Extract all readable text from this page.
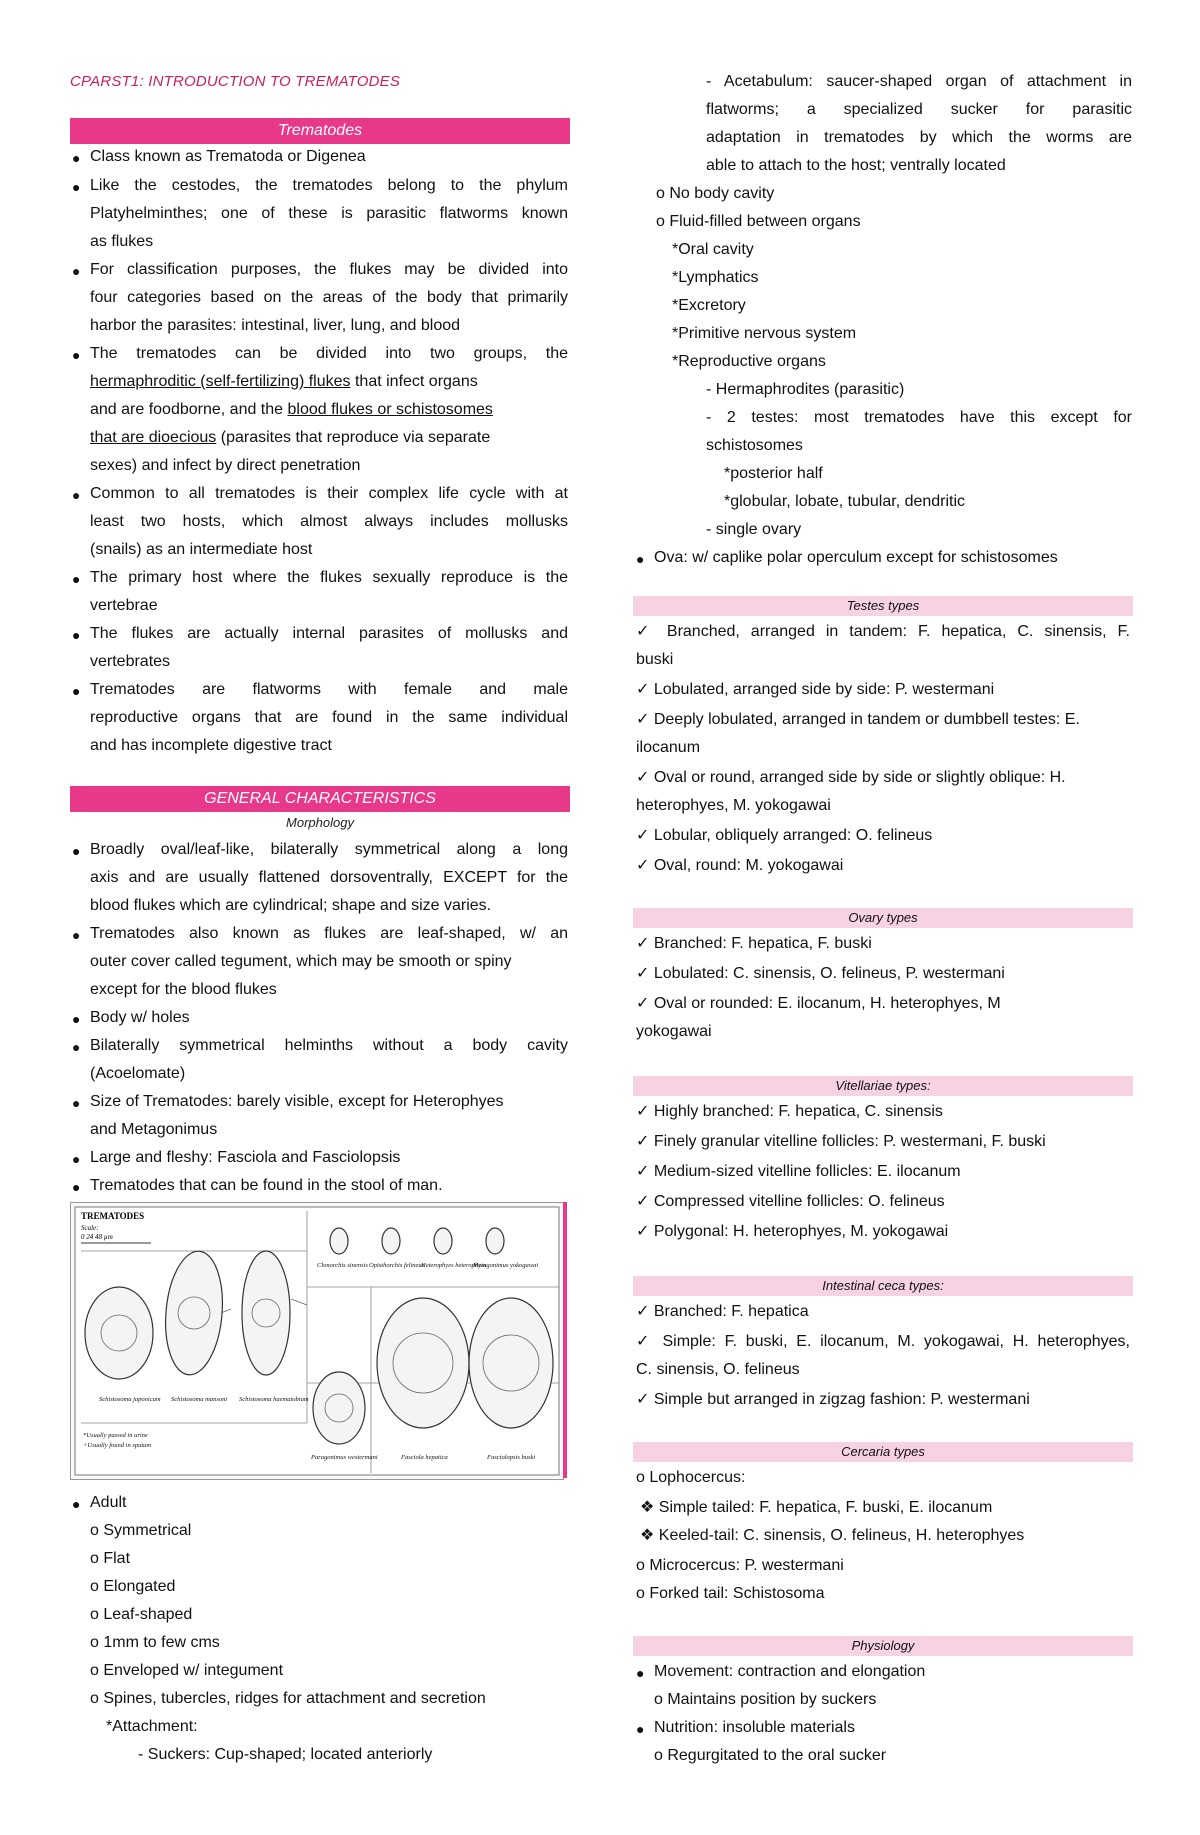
CPARST1: INTRODUCTION TO TREMATODES
Trematodes
● Class known as Trematoda or Digenea
● Like the cestodes, the trematodes belong to the phylum
Platyhelminthes; one of these is parasitic flatworms known
as flukes
● For classification purposes, the flukes may be divided into
four categories based on the areas of the body that primarily
harbor the parasites: intestinal, liver, lung, and blood
● The trematodes can be divided into two groups, the
hermaphroditic (self-fertilizing) flukes that infect organs
and are foodborne, and the blood flukes or schistosomes
that are dioecious (parasites that reproduce via separate
sexes) and infect by direct penetration
● Common to all trematodes is their complex life cycle with at
least two hosts, which almost always includes mollusks
(snails) as an intermediate host
● The primary host where the flukes sexually reproduce is the
vertebrae
● The flukes are actually internal parasites of mollusks and
vertebrates
● Trematodes are flatworms with female and male
reproductive organs that are found in the same individual
and has incomplete digestive tract
GENERAL CHARACTERISTICS
Morphology
● Broadly oval/leaf-like, bilaterally symmetrical along a long
axis and are usually flattened dorsoventrally, EXCEPT for the
blood flukes which are cylindrical; shape and size varies.
● Trematodes also known as flukes are leaf-shaped, w/ an
outer cover called tegument, which may be smooth or spiny
except for the blood flukes
● Body w/ holes
● Bilaterally symmetrical helminths without a body cavity
(Acoelomate)
● Size of Trematodes: barely visible, except for Heterophyes
and Metagonimus
● Large and fleshy: Fasciola and Fasciolopsis
● Trematodes that can be found in the stool of man.
TREMATODES
Scale:
0 24 48 µm
Schistosoma japonicum Schistosoma mansoni Schistosoma haematobium
Clonorchis sinensis Opisthorchis felineus
Heterophyes heterophyes
Metagonimus yokogawai
Paragonimus westermani	Fasciola hepatica	Fasciolopsis buski
*Usually passed in urine
+Usually found in sputum
● Adult
o Symmetrical
o Flat
o Elongated
o Leaf-shaped
o 1mm to few cms
o Enveloped w/ integument
o Spines, tubercles, ridges for attachment and secretion
*Attachment:
- Suckers: Cup-shaped; located anteriorly
- Acetabulum: saucer-shaped organ of attachment in
flatworms; a specialized sucker for parasitic
adaptation in trematodes by which the worms are
able to attach to the host; ventrally located
o No body cavity
o Fluid-filled between organs
*Oral cavity
*Lymphatics
*Excretory
*Primitive nervous system
*Reproductive organs
- Hermaphrodites (parasitic)
- 2 testes: most trematodes have this except for
schistosomes
*posterior half
*globular, lobate, tubular, dendritic
- single ovary
● Ova: w/ caplike polar operculum except for schistosomes
Testes types
✓ Branched, arranged in tandem: F. hepatica, C. sinensis, F.
buski
✓ Lobulated, arranged side by side: P. westermani
✓ Deeply lobulated, arranged in tandem or dumbbell testes: E.
ilocanum
✓ Oval or round, arranged side by side or slightly oblique: H.
heterophyes, M. yokogawai
✓ Lobular, obliquely arranged: O. felineus
✓ Oval, round: M. yokogawai
Ovary types
✓ Branched: F. hepatica, F. buski
✓ Lobulated: C. sinensis, O. felineus, P. westermani
✓ Oval or rounded: E. ilocanum, H. heterophyes, M
yokogawai
Vitellariae types:
✓ Highly branched: F. hepatica, C. sinensis
✓ Finely granular vitelline follicles: P. westermani, F. buski
✓ Medium-sized vitelline follicles: E. ilocanum
✓ Compressed vitelline follicles: O. felineus
✓ Polygonal: H. heterophyes, M. yokogawai
Intestinal ceca types:
✓ Branched: F. hepatica
✓ Simple: F. buski, E. ilocanum, M. yokogawai, H. heterophyes,
C. sinensis, O. felineus
✓ Simple but arranged in zigzag fashion: P. westermani
Cercaria types
o Lophocercus:
❖ Simple tailed: F. hepatica, F. buski, E. ilocanum
❖ Keeled-tail: C. sinensis, O. felineus, H. heterophyes
o Microcercus: P. westermani
o Forked tail: Schistosoma
Physiology
● Movement: contraction and elongation
o Maintains position by suckers
● Nutrition: insoluble materials
o Regurgitated to the oral sucker
